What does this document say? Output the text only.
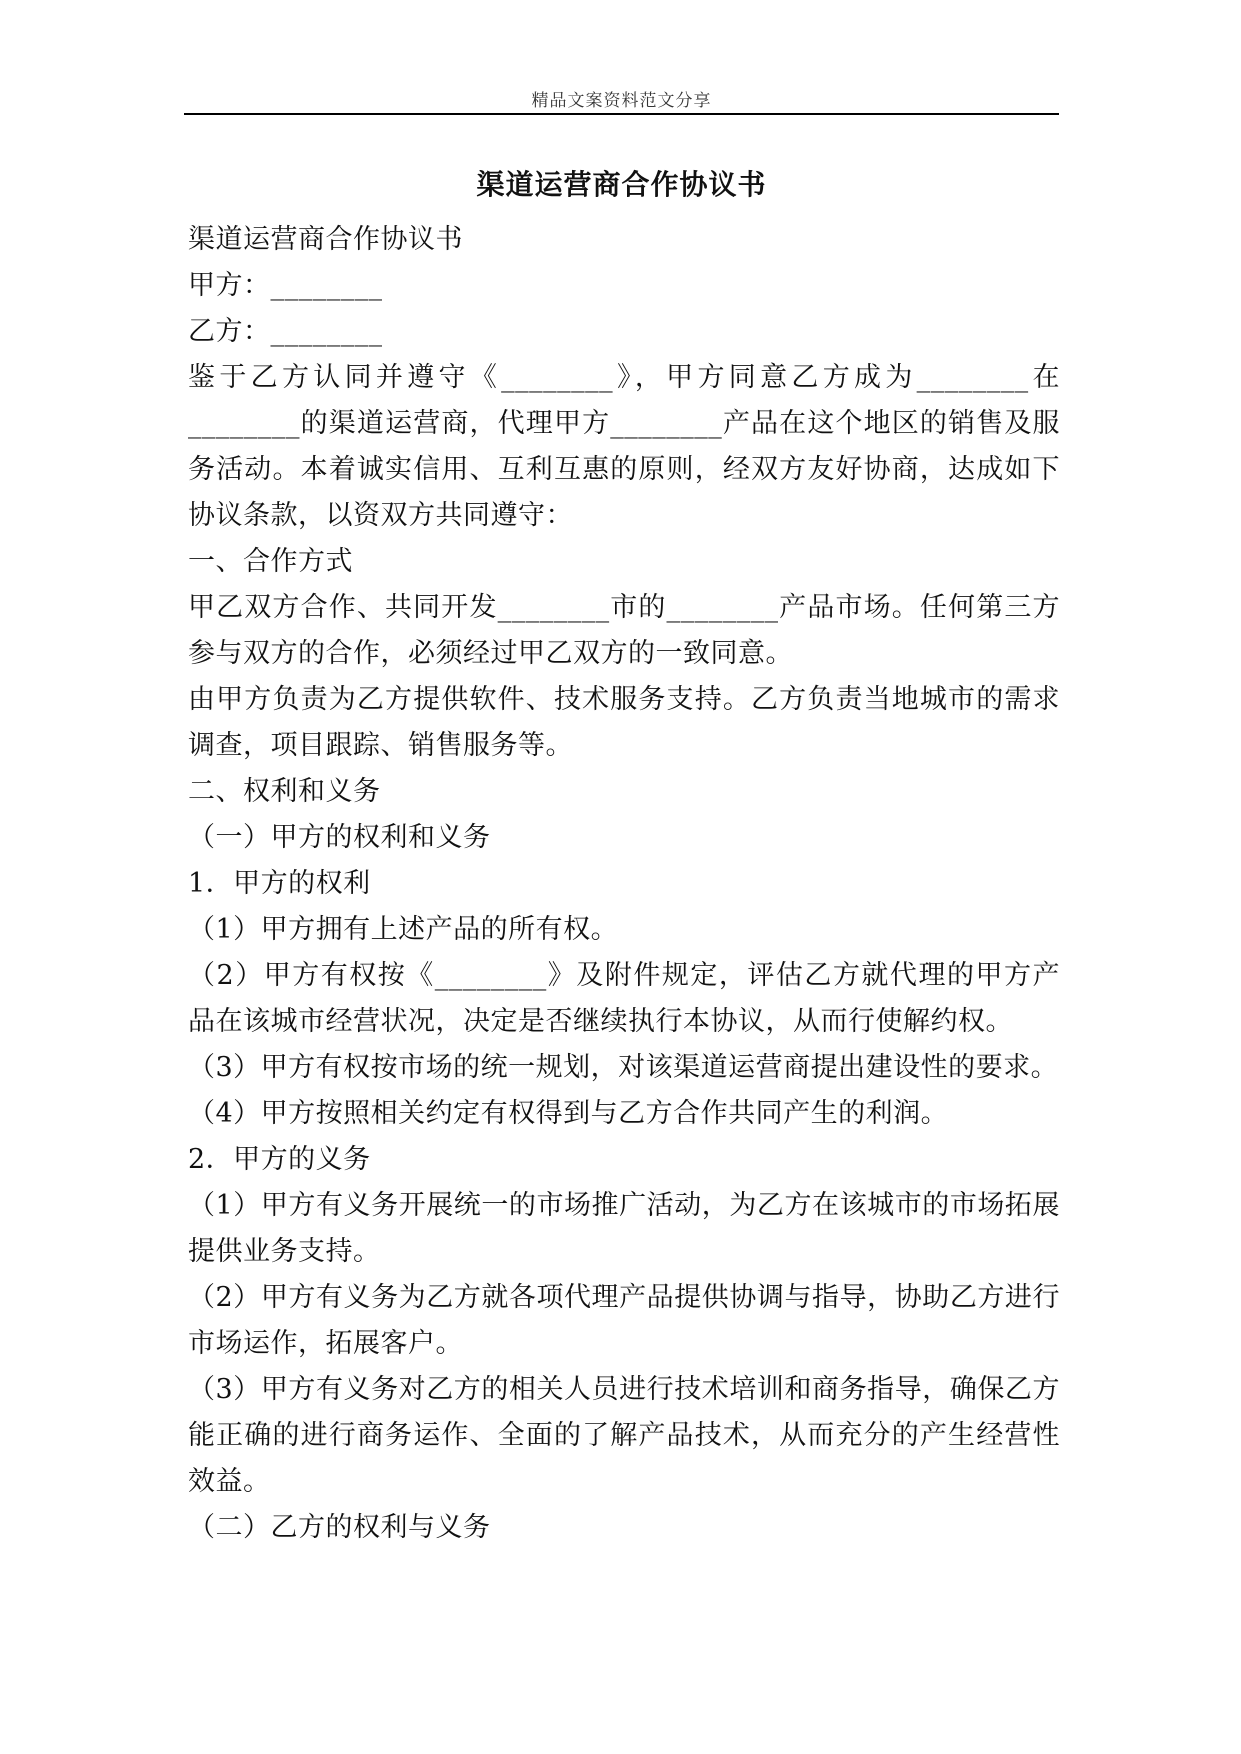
精品文案资料范文分享
渠道运营商合作协议书

渠道运营商合作协议书

甲方：________

乙方：________

鉴于乙方认同并遵守《________》，甲方同意乙方成为________在________的渠道运营商，代理甲方________产品在这个地区的销售及服务活动。本着诚实信用、互利互惠的原则，经双方友好协商，达成如下协议条款，以资双方共同遵守：

一、合作方式

甲乙双方合作、共同开发________市的________产品市场。任何第三方参与双方的合作，必须经过甲乙双方的一致同意。

由甲方负责为乙方提供软件、技术服务支持。乙方负责当地城市的需求调查，项目跟踪、销售服务等。

二、权利和义务

（一）甲方的权利和义务

1．甲方的权利

（1）甲方拥有上述产品的所有权。

（2）甲方有权按《________》及附件规定，评估乙方就代理的甲方产品在该城市经营状况，决定是否继续执行本协议，从而行使解约权。

（3）甲方有权按市场的统一规划，对该渠道运营商提出建设性的要求。

（4）甲方按照相关约定有权得到与乙方合作共同产生的利润。

2．甲方的义务

（1）甲方有义务开展统一的市场推广活动，为乙方在该城市的市场拓展提供业务支持。

（2）甲方有义务为乙方就各项代理产品提供协调与指导，协助乙方进行市场运作，拓展客户。

（3）甲方有义务对乙方的相关人员进行技术培训和商务指导，确保乙方能正确的进行商务运作、全面的了解产品技术，从而充分的产生经营性效益。

（二）乙方的权利与义务
